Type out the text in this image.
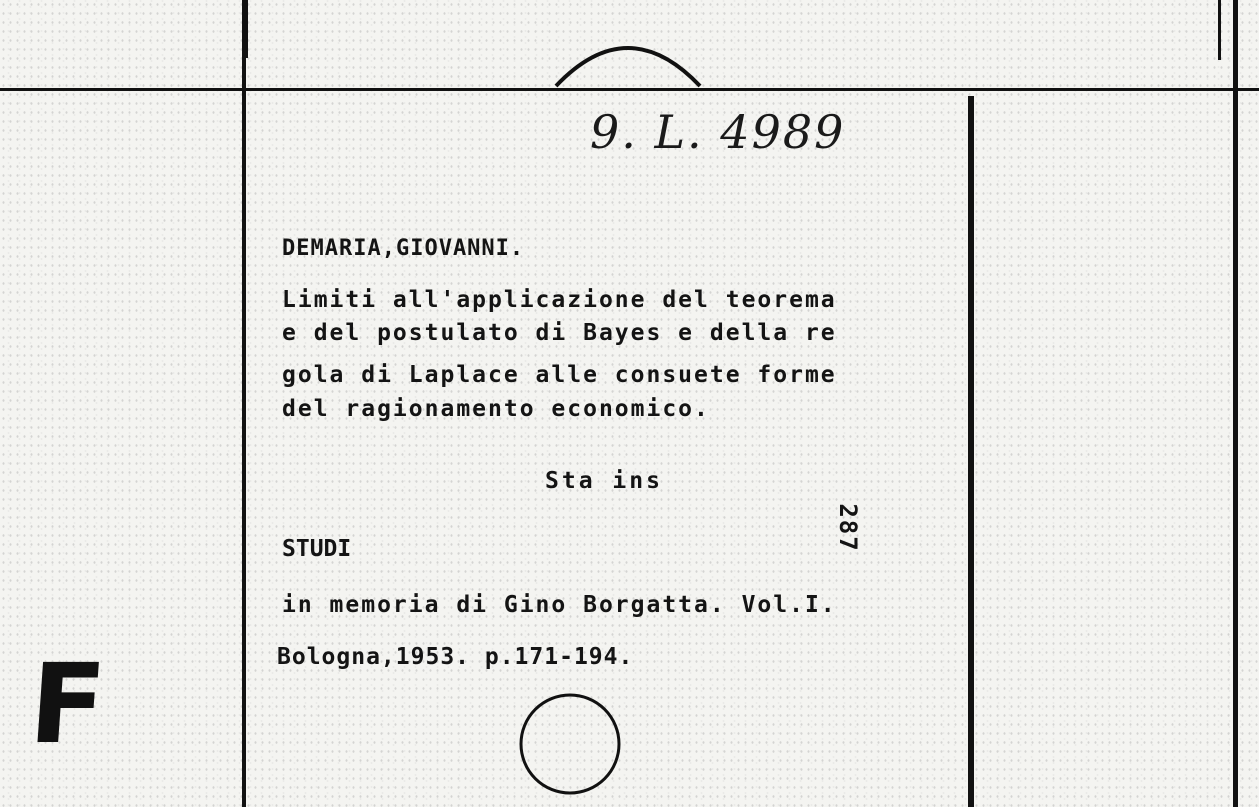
9. L. 4989
DEMARIA,GIOVANNI.
Limiti all'applicazione del teorema
e del postulato di Bayes e della re
gola di Laplace alle consuete forme
del ragionamento economico.
Sta ins
STUDI	287
in memoria di Gino Borgatta. Vol.I.
Bologna,1953. p.171-194.
F
